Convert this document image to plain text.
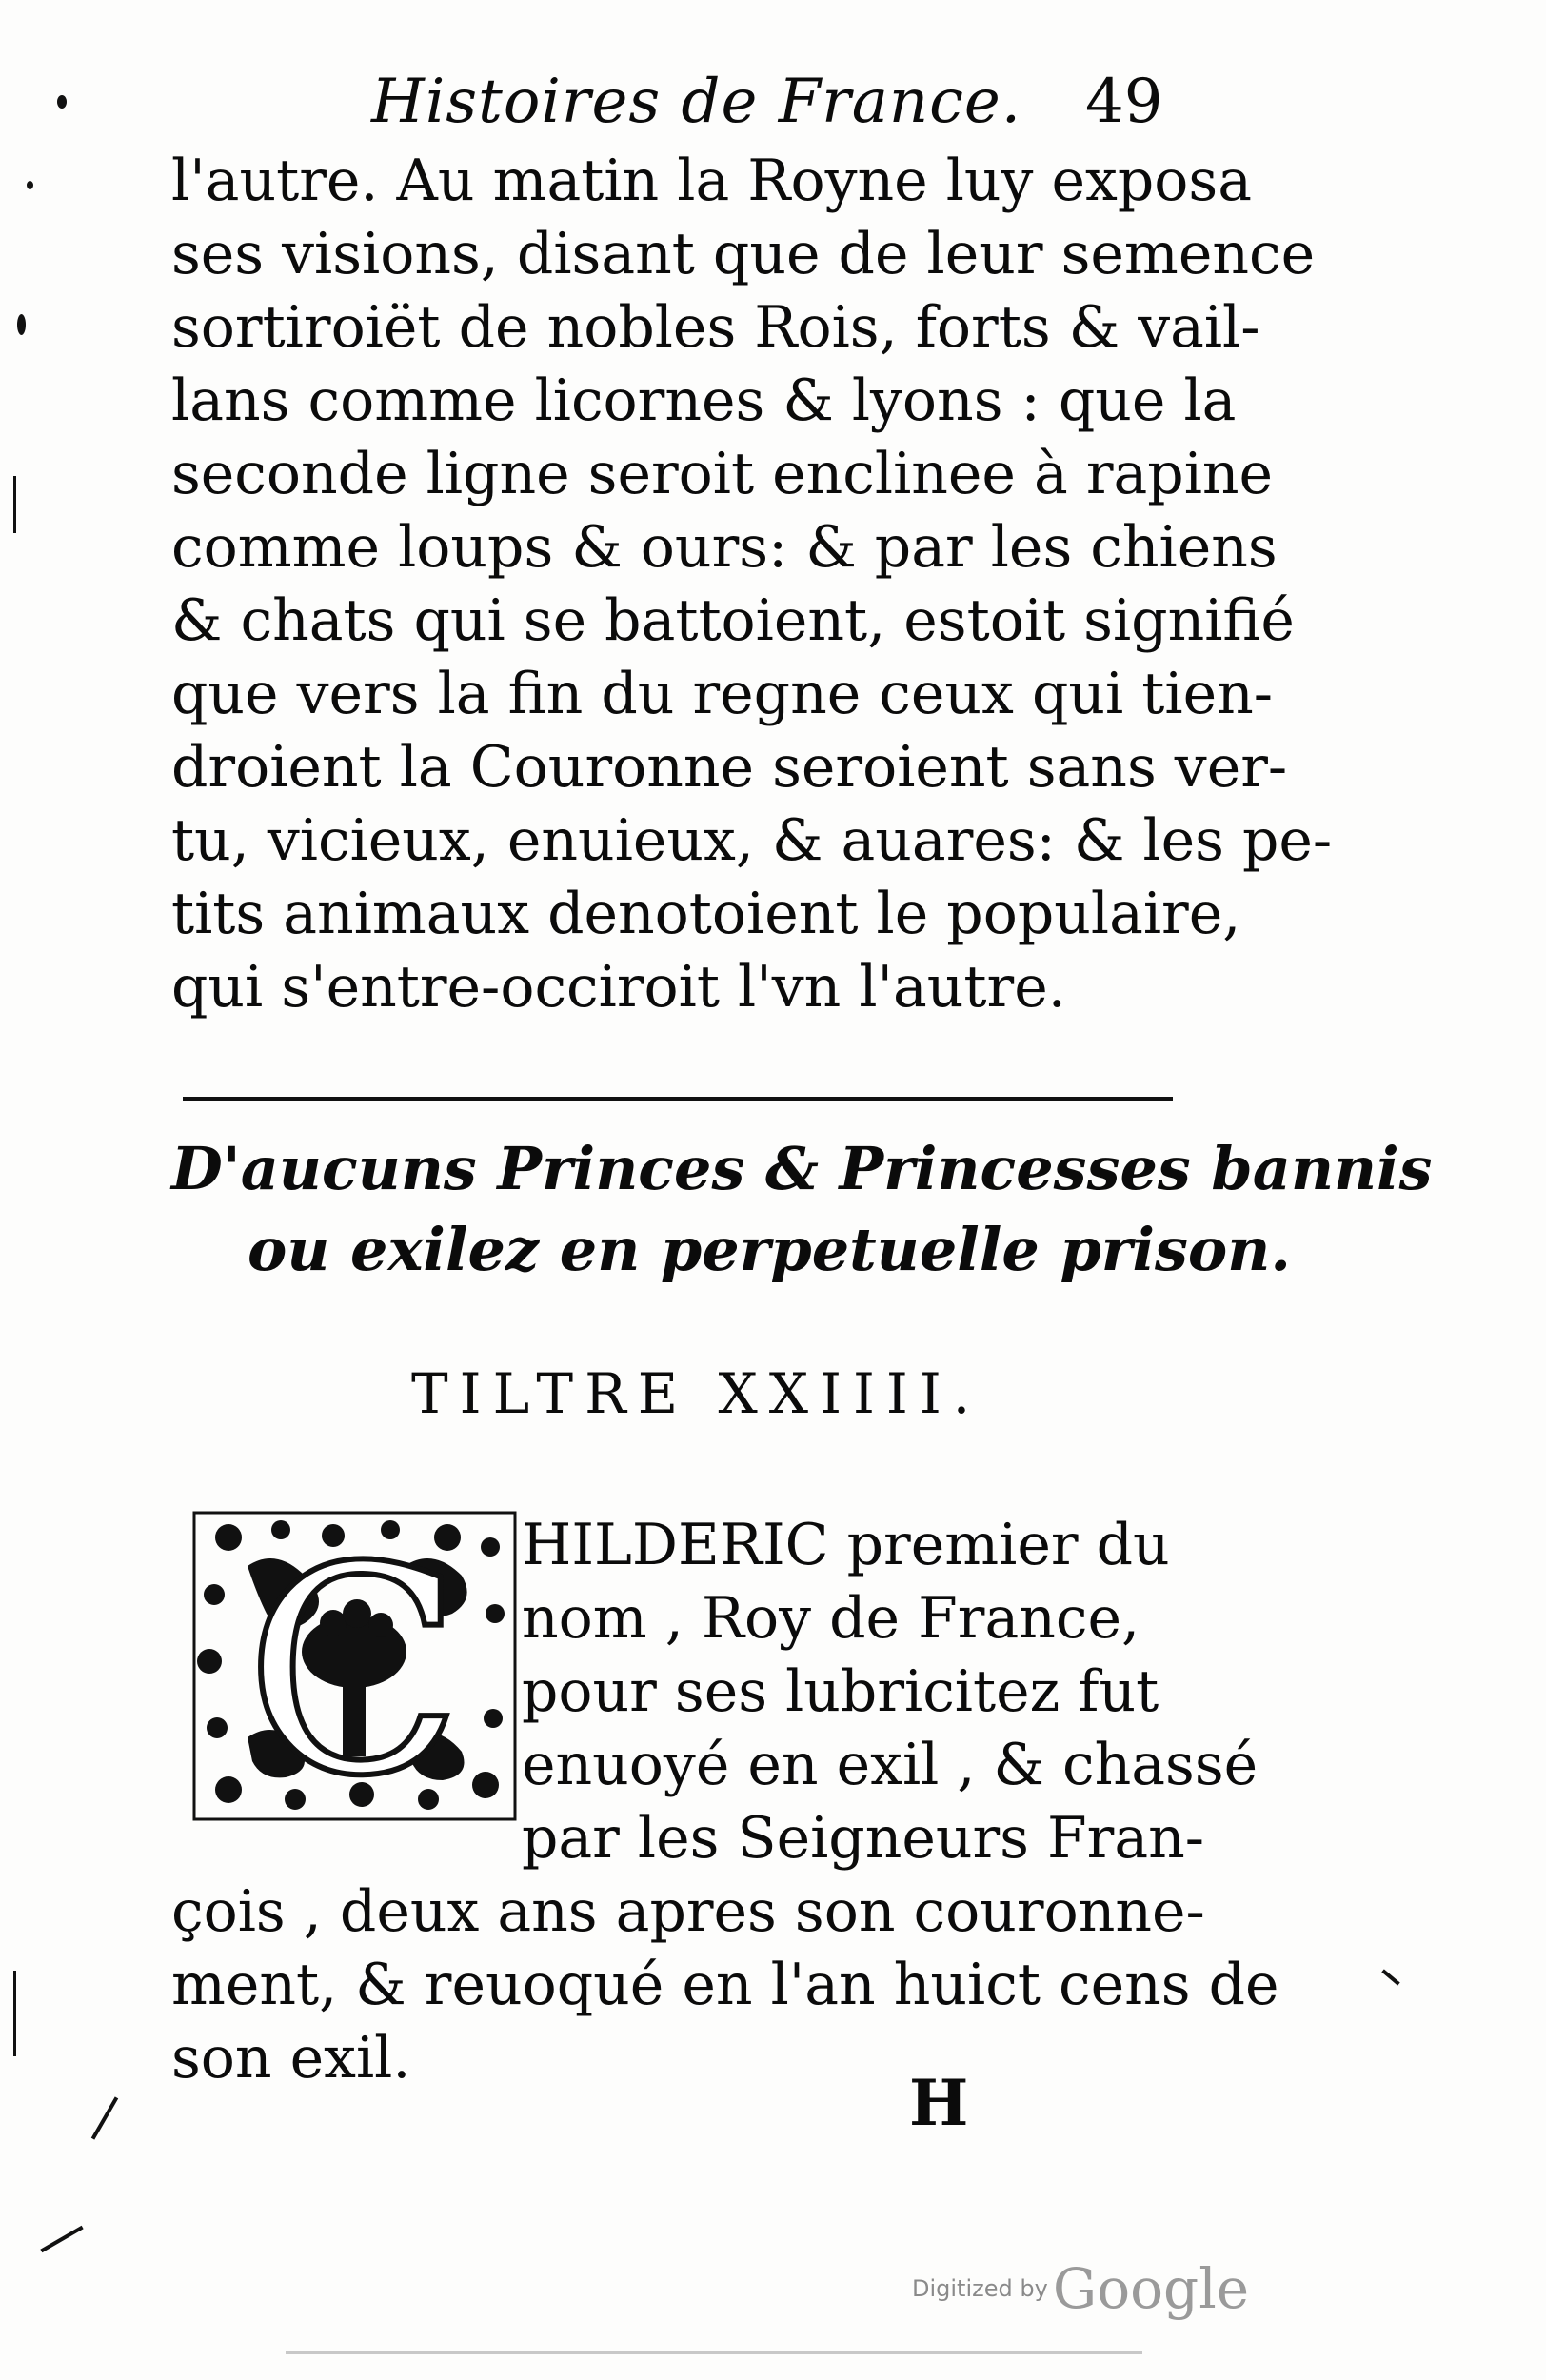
Histoires de France. 49
l'autre. Au matin la Royne luy exposa
ses visions, disant que de leur semence
sortiroiët de nobles Rois, forts & vail-
lans comme licornes & lyons : que la
seconde ligne seroit enclinee à rapine
comme loups & ours: & par les chiens
& chats qui se battoient, estoit signifié
que vers la fin du regne ceux qui tien-
droient la Couronne seroient sans ver-
tu, vicieux, enuieux, & auares: & les pe-
tits animaux denotoient le populaire,
qui s'entre-occiroit l'vn l'autre.
D'aucuns Princes & Princesses bannis
ou exilez en perpetuelle prison.
TILTRE XXIIII.
C HILDERIC premier du
nom , Roy de France,
pour ses lubricitez fut
enuoyé en exil , & chassé
par les Seigneurs Fran-
çois , deux ans apres son couronne-
ment, & reuoqué en l'an huict cens de
son exil.
H
Digitized by Google
